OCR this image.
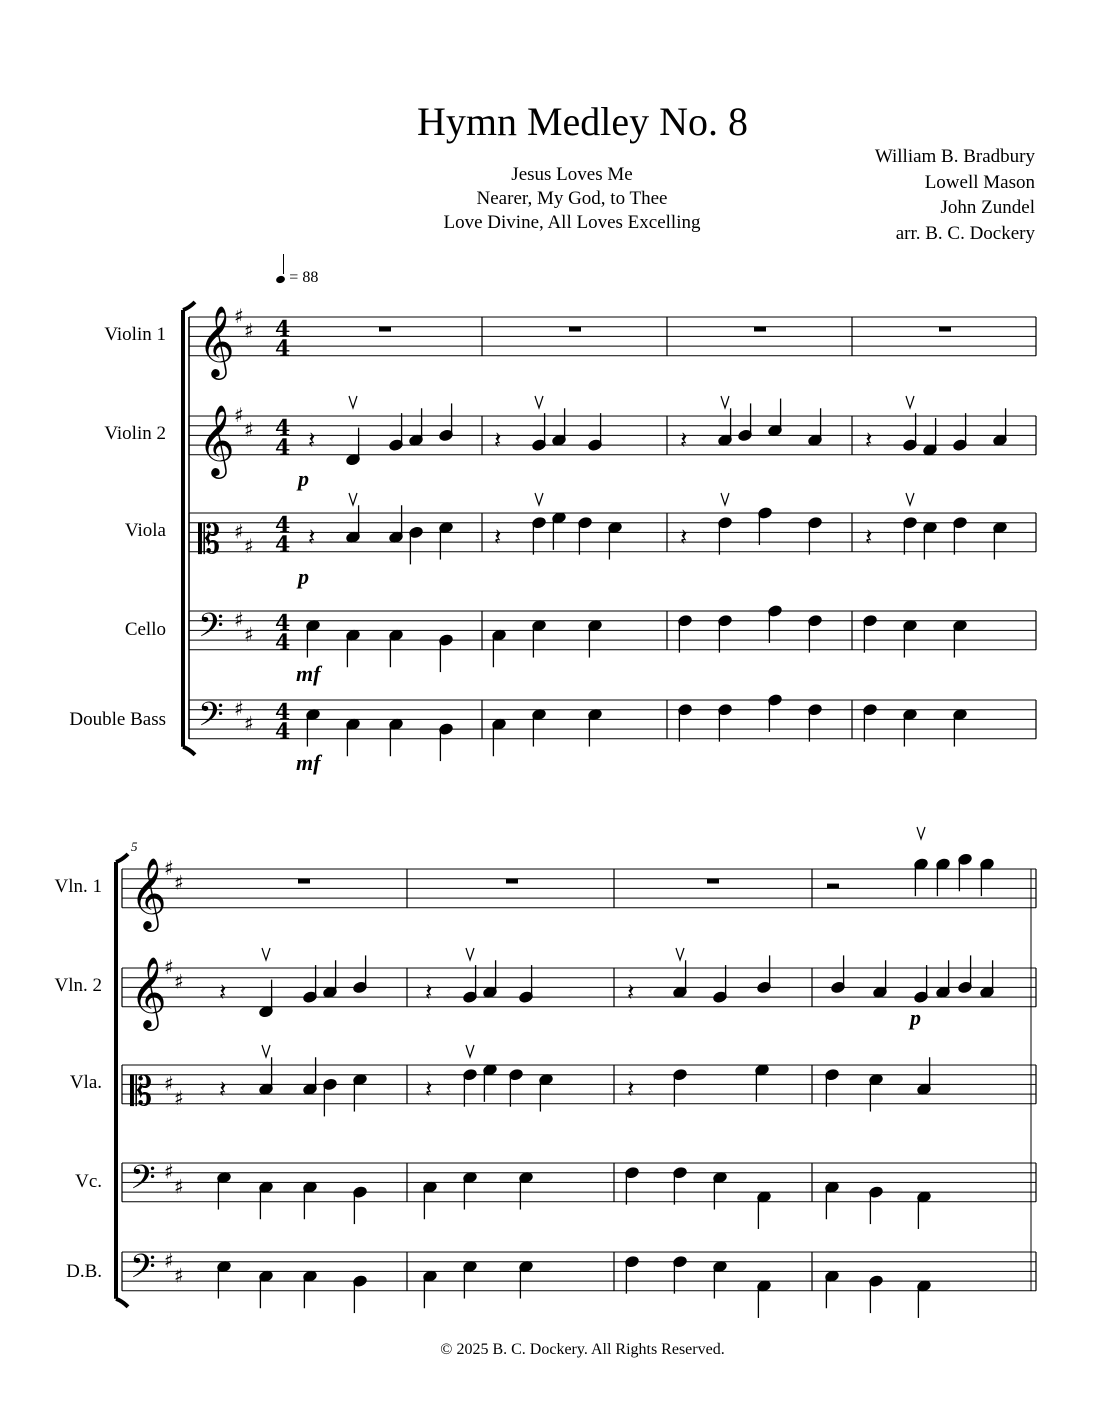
Hymn Medley No. 8
Jesus Loves Me
Nearer, My God, to Thee
Love Divine, All Loves Excelling
William B. Bradbury
Lowell Mason
John Zundel
arr. B. C. Dockery
= 88
Violin 1
Violin 2
Viola
Cello
Double Bass
Vln. 1
Vln. 2
Vla.
Vc.
D.B.
𝄞 ♯
♯ 4
4
𝄞 ♯
♯ 4
4
𝄡 ♯
♯
4
4
𝄢 ♯
♯ 4
4
𝄢 ♯
♯ 4
4
𝄞
♯
♯
𝄞
♯
♯
𝄡 ♯
♯
𝄢 ♯
♯
𝄢 ♯
♯
𝄽	𝄽	𝄽	𝄽
𝄽	𝄽	𝄽	𝄽
𝄽	𝄽	𝄽
𝄽	𝄽	𝄽
5
p
p
mf
mf
p
© 2025 B. C. Dockery. All Rights Reserved.
